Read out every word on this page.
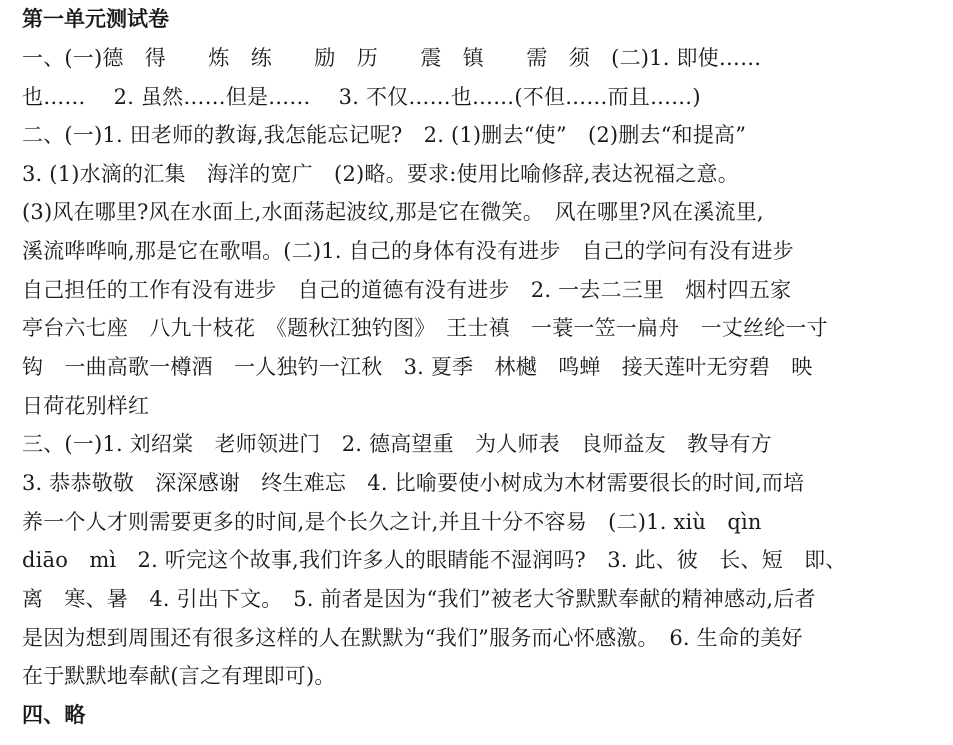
第一单元测试卷
一、(一)德　得　　炼　练　　励　历　　震　镇　　需　须　(二)1. 即使……
也……　 2. 虽然……但是……　 3. 不仅……也……(不但……而且……)
二、(一)1. 田老师的教诲,我怎能忘记呢?　2. (1)删去“使”　(2)删去“和提高”
3. (1)水滴的汇集　海洋的宽广　(2)略。要求:使用比喻修辞,表达祝福之意。
(3)风在哪里?风在水面上,水面荡起波纹,那是它在微笑。　风在哪里?风在溪流里,
溪流哗哗响,那是它在歌唱。(二)1. 自己的身体有没有进步　自己的学问有没有进步
自己担任的工作有没有进步　自己的道德有没有进步　2. 一去二三里　烟村四五家
亭台六七座　八九十枝花　《题秋江独钓图》　王士禛　一蓑一笠一扁舟　一丈丝纶一寸
钩　一曲高歌一樽酒　一人独钓一江秋　3. 夏季　林樾　鸣蝉　接天莲叶无穷碧　映
日荷花别样红
三、(一)1. 刘绍棠　老师领进门　2. 德高望重　为人师表　良师益友　教导有方
3. 恭恭敬敬　深深感谢　终生难忘　4. 比喻要使小树成为木材需要很长的时间,而培
养一个人才则需要更多的时间,是个长久之计,并且十分不容易　(二)1. xiù　qìn
diāo　mì　2. 听完这个故事,我们许多人的眼睛能不湿润吗?　3. 此、彼　长、短　即、
离　寒、暑　4. 引出下文。　5. 前者是因为“我们”被老大爷默默奉献的精神感动,后者
是因为想到周围还有很多这样的人在默默为“我们”服务而心怀感激。　6. 生命的美好
在于默默地奉献(言之有理即可)。
四、略
